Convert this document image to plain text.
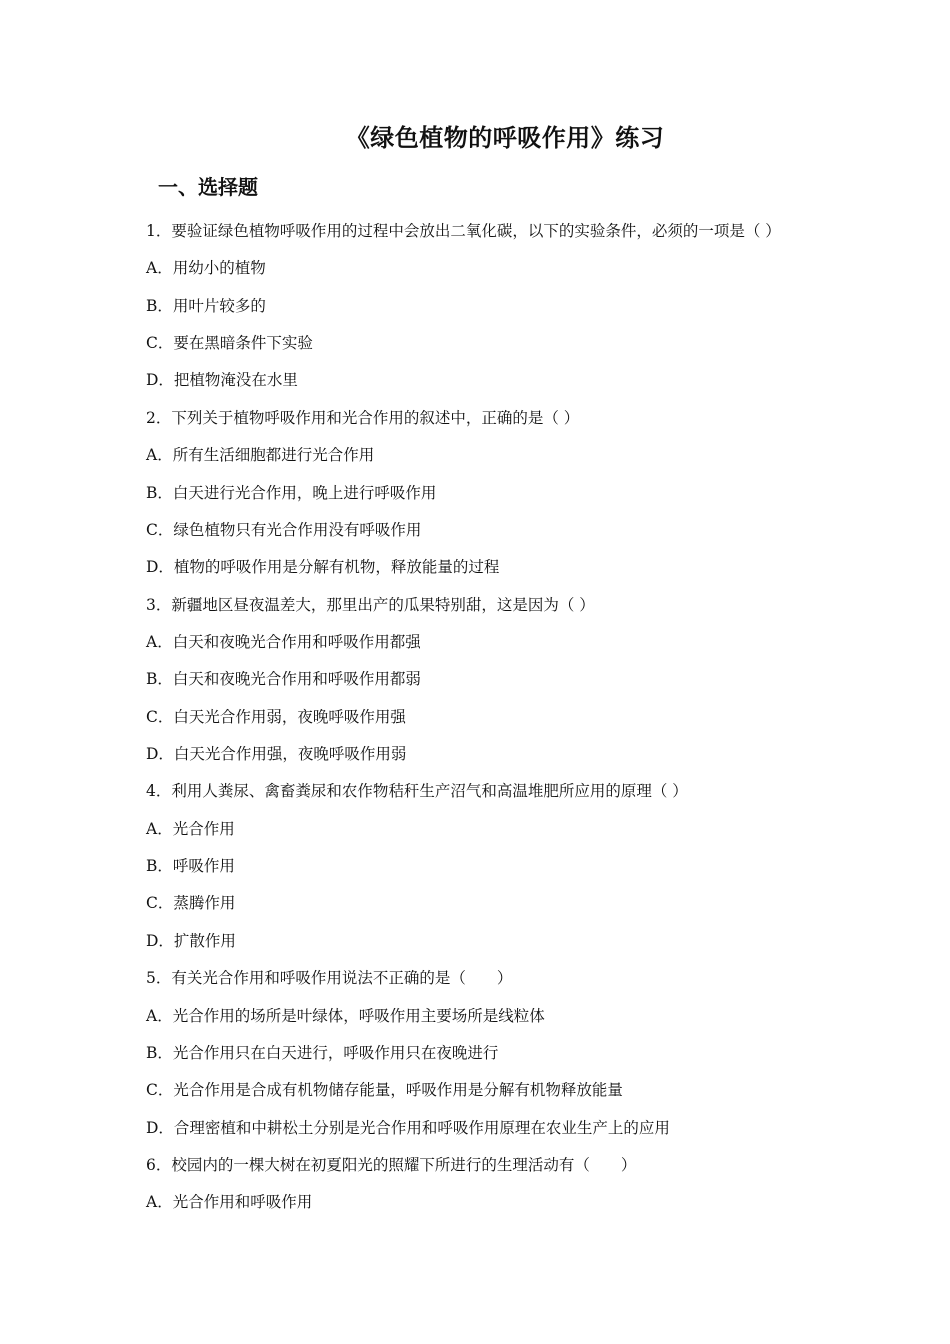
《绿色植物的呼吸作用》练习
一、选择题
1．要验证绿色植物呼吸作用的过程中会放出二氧化碳，以下的实验条件，必须的一项是（ ）
A．用幼小的植物
B．用叶片较多的
C．要在黑暗条件下实验
D．把植物淹没在水里
2．下列关于植物呼吸作用和光合作用的叙述中，正确的是（ ）
A．所有生活细胞都进行光合作用
B．白天进行光合作用，晚上进行呼吸作用
C．绿色植物只有光合作用没有呼吸作用
D．植物的呼吸作用是分解有机物，释放能量的过程
3．新疆地区昼夜温差大，那里出产的瓜果特别甜，这是因为（ ）
A．白天和夜晚光合作用和呼吸作用都强
B．白天和夜晚光合作用和呼吸作用都弱
C．白天光合作用弱，夜晚呼吸作用强
D．白天光合作用强，夜晚呼吸作用弱
4．利用人粪尿、禽畜粪尿和农作物秸秆生产沼气和高温堆肥所应用的原理（ ）
A．光合作用
B．呼吸作用
C．蒸腾作用
D．扩散作用
5．有关光合作用和呼吸作用说法不正确的是（　　）
A．光合作用的场所是叶绿体，呼吸作用主要场所是线粒体
B．光合作用只在白天进行，呼吸作用只在夜晚进行
C．光合作用是合成有机物储存能量，呼吸作用是分解有机物释放能量
D．合理密植和中耕松土分别是光合作用和呼吸作用原理在农业生产上的应用
6．校园内的一棵大树在初夏阳光的照耀下所进行的生理活动有（　　）
A．光合作用和呼吸作用
